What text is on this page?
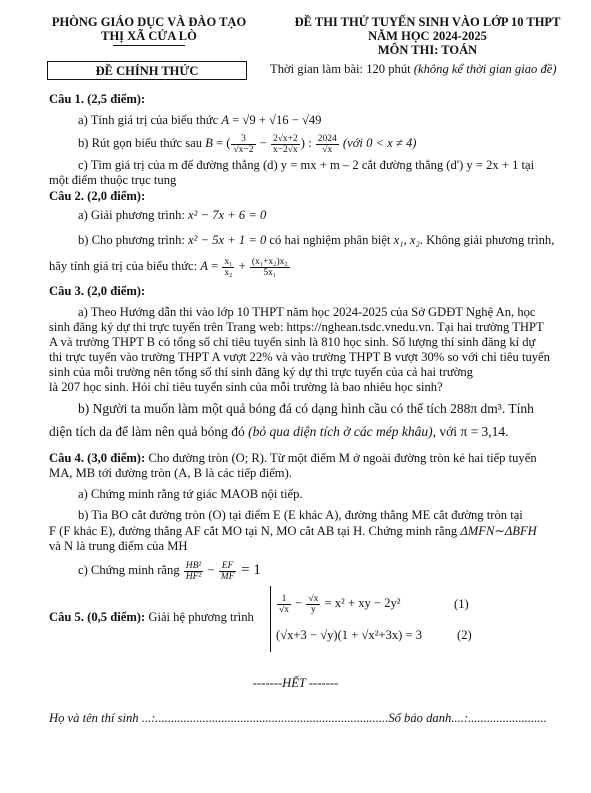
PHÒNG GIÁO DỤC VÀ ĐÀO TẠO
THỊ XÃ CỬA LÒ
ĐỀ THI THỬ TUYỂN SINH VÀO LỚP 10 THPT
NĂM HỌC 2024-2025
MÔN THI: TOÁN
ĐỀ CHÍNH THỨC	Thời gian làm bài: 120 phút (không kể thời gian giao đề)
Câu 1. (2,5 điểm):
a) Tính giá trị của biểu thức A = √9 + √16 − √49
b) Rút gọn biểu thức sau B = ( $\frac{3}{√x-2} - \frac{2√x+2}{x-2√x}$ ) : $\frac{2024}{√x}$ (với 0 < x ≠ 4)
c) Tìm giá trị của m để đường thẳng (d) y = mx + m – 2 cắt đường thẳng (d') y = 2x + 1 tại
một điểm thuộc trục tung
Câu 2. (2,0 điểm):
a) Giải phương trình: x² − 7x + 6 = 0
b) Cho phương trình: x² − 5x + 1 = 0 có hai nghiệm phân biệt x₁, x₂. Không giải phương trình,
hãy tính giá trị của biểu thức: $A = \frac{\text{x₁}}{\text{x₂}} + \frac{\text{(x₁+x₂)x₂}}{\text{5x₁}}$
Câu 3. (2,0 điểm):
a) Theo Hướng dẫn thi vào lớp 10 THPT năm học 2024-2025 của Sở GDĐT Nghệ An, học
sinh đăng ký dự thi trực tuyến trên Trang web: https://nghean.tsdc.vnedu.vn. Tại hai trường THPT
A và trường THPT B có tổng số chỉ tiêu tuyển sinh là 810 học sinh. Số lượng thí sinh đăng kí dự
thi trực tuyến vào trường THPT A vượt 22% và vào trường THPT B vượt 30% so với chỉ tiêu tuyển
sinh của mỗi trường nên tổng số thí sinh đăng ký dự thi trực tuyến của cả hai trường
là 207 học sinh. Hỏi chỉ tiêu tuyển sinh của mỗi trường là bao nhiêu học sinh?
b) Người ta muốn làm một quả bóng đá có dạng hình cầu có thể tích 288π dm³. Tính
diện tích da để làm nên quả bóng đó (bỏ qua diện tích ở các mép khâu), với π = 3,14.
Câu 4. (3,0 điểm): Cho đường tròn (O; R). Từ một điểm M ở ngoài đường tròn kẻ hai tiếp tuyến
MA, MB tới đường tròn (A, B là các tiếp điểm).
a) Chứng minh rằng tứ giác MAOB nội tiếp.
b) Tia BO cắt đường tròn (O) tại điểm E (E khác A), đường thẳng ME cắt đường tròn tại
F (F khác E), đường thẳng AF cắt MO tại N, MO cắt AB tại H. Chứng minh rằng ΔMFN∼ΔBFH
và N là trung điểm của MH
c) Chứng minh rằng $\frac{\text{HB²}}{\text{HF²}} - \frac{EF}{MF} = 1$
Câu 5. (0,5 điểm): Giải hệ phương trình
$\frac{1}{√x} - \frac{√x}{y} = x^2$ + xy − 2y²	(1)
(√x+3 − √y)(1 + √x²+3x) = 3	(2)
-------HẾT -------
Họ và tên thí sinh ...:..........................................................................Số báo danh....:.........................
